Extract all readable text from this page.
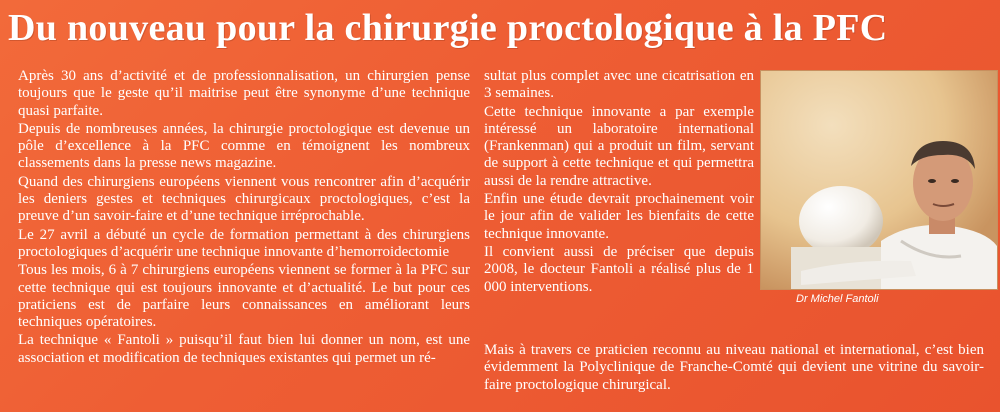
Du nouveau pour la chirurgie proctologique à la PFC

Après 30 ans d’activité et de professionnalisation, un chirurgien pense toujours que le geste qu’il maitrise peut être synonyme d’une technique quasi parfaite.

Depuis de nombreuses années, la chirurgie proctologique est devenue un pôle d’excellence à la PFC comme en témoignent les nombreux classements dans la presse news magazine.

Quand des chirurgiens européens viennent vous rencontrer afin d’acquérir les deniers gestes et techniques chirurgicaux proctologiques, c’est la preuve d’un savoir-faire et d’une technique irréprochable.

Le 27 avril a débuté un cycle de formation permettant à des chirurgiens proctologiques d’acquérir une technique innovante d’hemorroidectomie

Tous les mois, 6 à 7 chirurgiens européens viennent se former à la PFC sur cette technique qui est toujours innovante et d’actualité. Le but pour ces praticiens est de parfaire leurs connaissances en améliorant leurs techniques opératoires.

La technique « Fantoli » puisqu’il faut bien lui donner un nom, est une association et modification de techniques existantes qui permet un ré-

sultat plus complet avec une cicatrisation en 3 semaines.

Cette technique innovante a par exemple intéressé un laboratoire international (Frankenman) qui a produit un film, servant de support à cette technique et qui permettra aussi de la rendre attractive.

Enfin une étude devrait prochainement voir le jour afin de valider les bienfaits de cette technique innovante.

Il convient aussi de préciser que depuis 2008, le docteur Fantoli a réalisé plus de 1 000 interventions.

Mais à travers ce praticien reconnu au niveau national et international, c’est bien évidemment la Polyclinique de Franche-Comté qui devient une vitrine du savoir-faire proctologique chirurgical.

Dr Michel Fantoli
